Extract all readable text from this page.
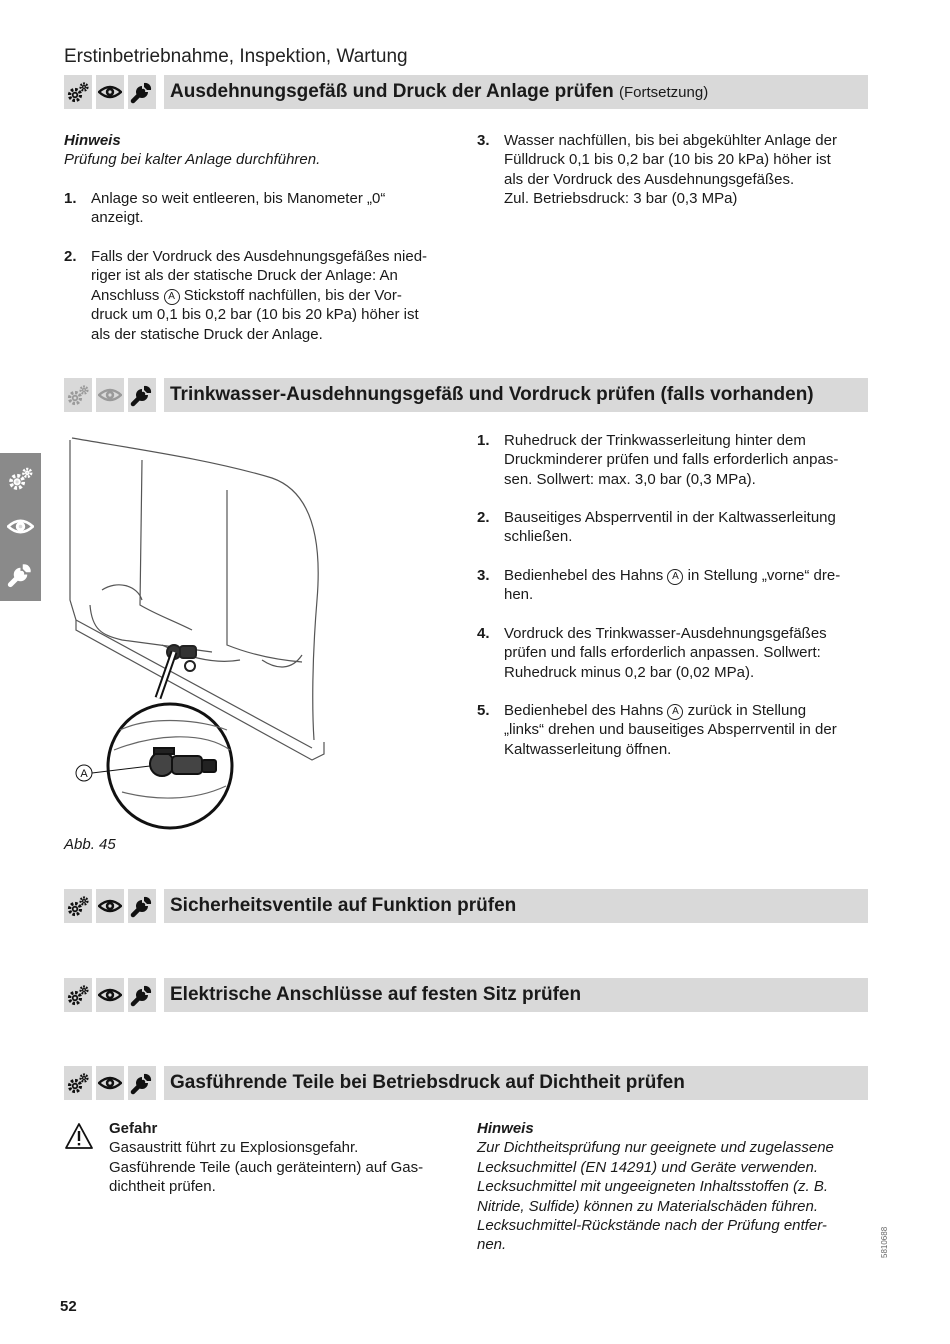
Erstinbetriebnahme, Inspektion, Wartung
Ausdehnungsgefäß und Druck der Anlage prüfen (Fortsetzung)
Hinweis
Prüfung bei kalter Anlage durchführen.
1. Anlage so weit entleeren, bis Manometer „0“
anzeigt.
2. Falls der Vordruck des Ausdehnungsgefäßes nied-
riger ist als der statische Druck der Anlage: An
Anschluss A Stickstoff nachfüllen, bis der Vor-
druck um 0,1 bis 0,2 bar (10 bis 20 kPa) höher ist
als der statische Druck der Anlage.
3. Wasser nachfüllen, bis bei abgekühlter Anlage der
Fülldruck 0,1 bis 0,2 bar (10 bis 20 kPa) höher ist
als der Vordruck des Ausdehnungsgefäßes.
Zul. Betriebsdruck: 3 bar (0,3 MPa)
Trinkwasser-Ausdehnungsgefäß und Vordruck prüfen (falls vorhanden)
A
Abb. 45
1. Ruhedruck der Trinkwasserleitung hinter dem
Druckminderer prüfen und falls erforderlich anpas-
sen. Sollwert: max. 3,0 bar (0,3 MPa).
2. Bauseitiges Absperrventil in der Kaltwasserleitung
schließen.
3. Bedienhebel des Hahns A in Stellung „vorne“ dre-
hen.
4. Vordruck des Trinkwasser-Ausdehnungsgefäßes
prüfen und falls erforderlich anpassen. Sollwert:
Ruhedruck minus 0,2 bar (0,02 MPa).
5. Bedienhebel des Hahns A zurück in Stellung
„links“ drehen und bauseitiges Absperrventil in der
Kaltwasserleitung öffnen.
Sicherheitsventile auf Funktion prüfen
Elektrische Anschlüsse auf festen Sitz prüfen
Gasführende Teile bei Betriebsdruck auf Dichtheit prüfen
Gefahr
Gasaustritt führt zu Explosionsgefahr.
Gasführende Teile (auch geräteintern) auf Gas-
dichtheit prüfen.
Hinweis
Zur Dichtheitsprüfung nur geeignete und zugelassene
Lecksuchmittel (EN 14291) und Geräte verwenden.
Lecksuchmittel mit ungeeigneten Inhaltsstoffen (z. B.
Nitride, Sulfide) können zu Materialschäden führen.
Lecksuchmittel-Rückstände nach der Prüfung entfer-
nen.
52
5810688
